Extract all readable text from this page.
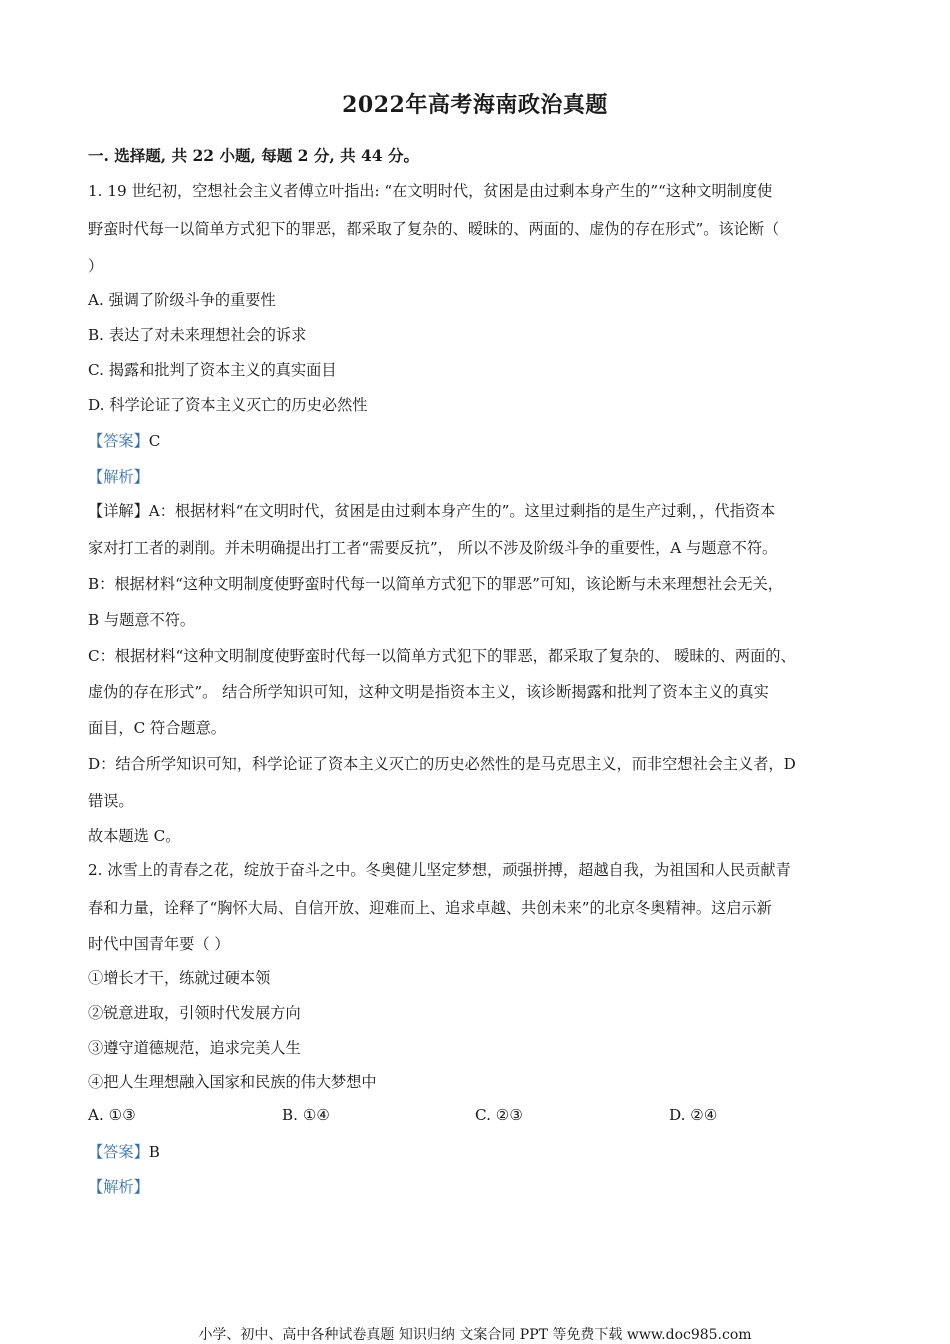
2022年高考海南政治真题
一. 选择题, 共 22 小题, 每题 2 分, 共 44 分。
1. 19 世纪初，空想社会主义者傅立叶指出: “在文明时代，贫困是由过剩本身产生的”“这种文明制度使
野蛮时代每一以简单方式犯下的罪恶，都采取了复杂的、暧昧的、两面的、虚伪的存在形式”。该论断（
）
A. 强调了阶级斗争的重要性
B. 表达了对未来理想社会的诉求
C. 揭露和批判了资本主义的真实面目
D. 科学论证了资本主义灭亡的历史必然性
【答案】C
【解析】
【详解】A：根据材料“在文明时代，贫困是由过剩本身产生的”。这里过剩指的是生产过剩，，代指资本
家对打工者的剥削。并未明确提出打工者“需要反抗”， 所以不涉及阶级斗争的重要性，A 与题意不符。
B：根据材料“这种文明制度使野蛮时代每一以简单方式犯下的罪恶”可知，该论断与未来理想社会无关，
B 与题意不符。
C：根据材料“这种文明制度使野蛮时代每一以简单方式犯下的罪恶，都采取了复杂的、 暧昧的、两面的、
虚伪的存在形式”。 结合所学知识可知，这种文明是指资本主义，该诊断揭露和批判了资本主义的真实
面目，C 符合题意。
D：结合所学知识可知，科学论证了资本主义灭亡的历史必然性的是马克思主义，而非空想社会主义者，D
错误。
故本题选 C。
2. 冰雪上的青春之花，绽放于奋斗之中。冬奥健儿坚定梦想，顽强拼搏，超越自我，为祖国和人民贡献青
春和力量，诠释了“胸怀大局、自信开放、迎难而上、追求卓越、共创未来”的北京冬奥精神。这启示新
时代中国青年要（ ）
①增长才干，练就过硬本领
②锐意进取，引领时代发展方向
③遵守道德规范，追求完美人生
④把人生理想融入国家和民族的伟大梦想中
A. ①③	B. ①④	C. ②③	D. ②④
【答案】B
【解析】
小学、初中、高中各种试卷真题 知识归纳 文案合同 PPT 等免费下载 www.doc985.com
